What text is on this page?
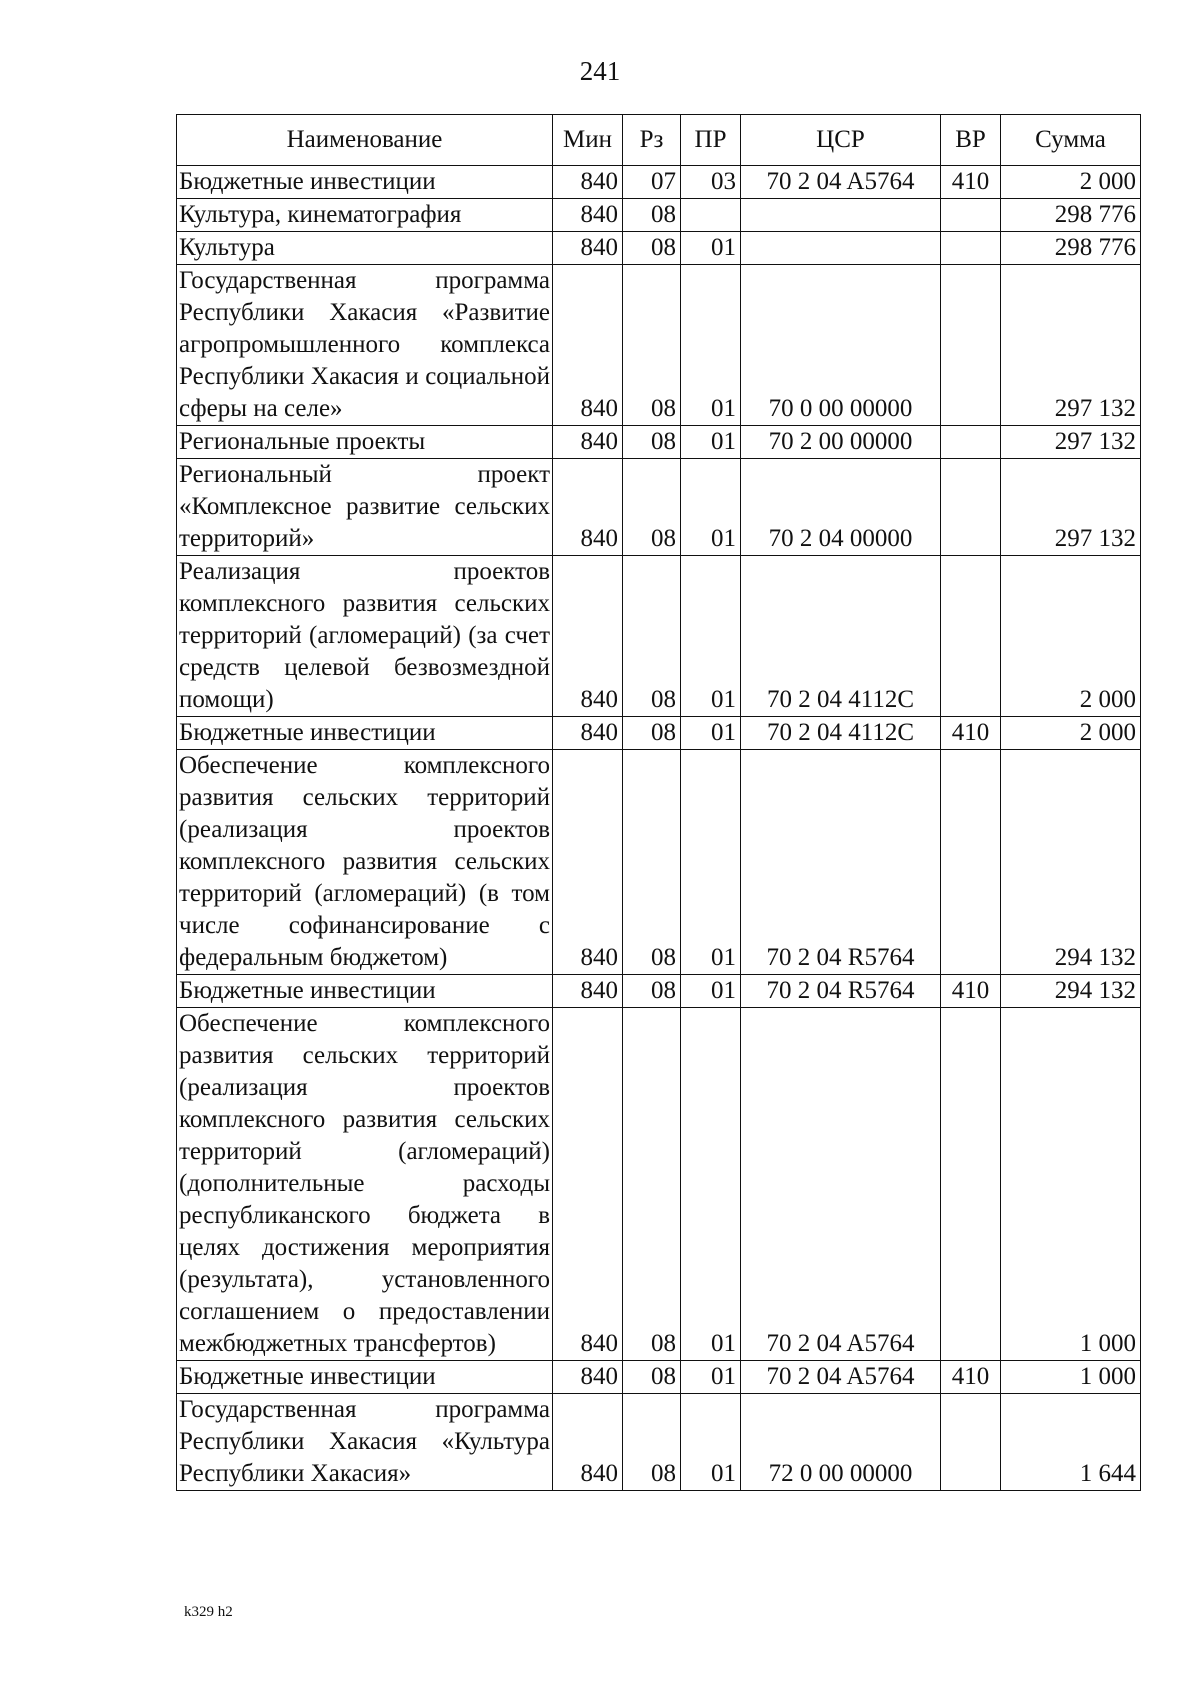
241
Наименование	Мин	Рз	ПР	ЦСР	ВР	Сумма
Бюджетные инвестиции	840	07	03	70 2 04 A5764	410	2 000
Культура, кинематография	840	08				298 776
Культура	840	08	01			298 776
Государственная программа Республики Хакасия «Развитие агропромышленного комплекса Республики Хакасия и социальной сферы на селе»	840	08	01	70 0 00 00000		297 132
Региональные проекты	840	08	01	70 2 00 00000		297 132
Региональный проект «Комплексное развитие сельских территорий»	840	08	01	70 2 04 00000		297 132
Реализация проектов комплексного развития сельских территорий (агломераций) (за счет средств целевой безвозмездной помощи)	840	08	01	70 2 04 4112C		2 000
Бюджетные инвестиции	840	08	01	70 2 04 4112C	410	2 000
Обеспечение комплексного развития сельских территорий (реализация проектов комплексного развития сельских территорий (агломераций) (в том числе софинансирование с федеральным бюджетом)	840	08	01	70 2 04 R5764		294 132
Бюджетные инвестиции	840	08	01	70 2 04 R5764	410	294 132
Обеспечение комплексного развития сельских территорий (реализация проектов комплексного развития сельских территорий (агломераций) (дополнительные расходы республиканского бюджета в целях достижения мероприятия (результата), установленного соглашением о предоставлении межбюджетных трансфертов)	840	08	01	70 2 04 A5764		1 000
Бюджетные инвестиции	840	08	01	70 2 04 A5764	410	1 000
Государственная программа Республики Хакасия «Культура Республики Хакасия»	840	08	01	72 0 00 00000		1 644
k329 h2
